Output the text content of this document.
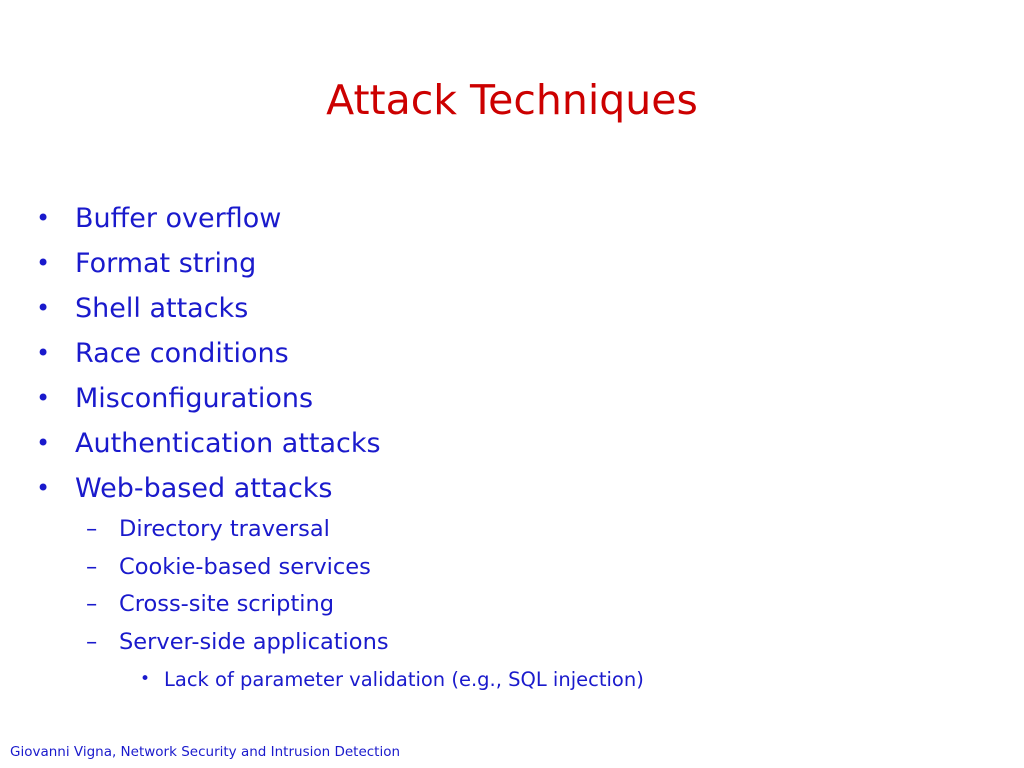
Attack Techniques
• Buffer overflow
• Format string
• Shell attacks
• Race conditions
• Misconfigurations
• Authentication attacks
• Web-based attacks
– Directory traversal
– Cookie-based services
– Cross-site scripting
– Server-side applications
• Lack of parameter validation (e.g., SQL injection)
Giovanni Vigna, Network Security and Intrusion Detection
